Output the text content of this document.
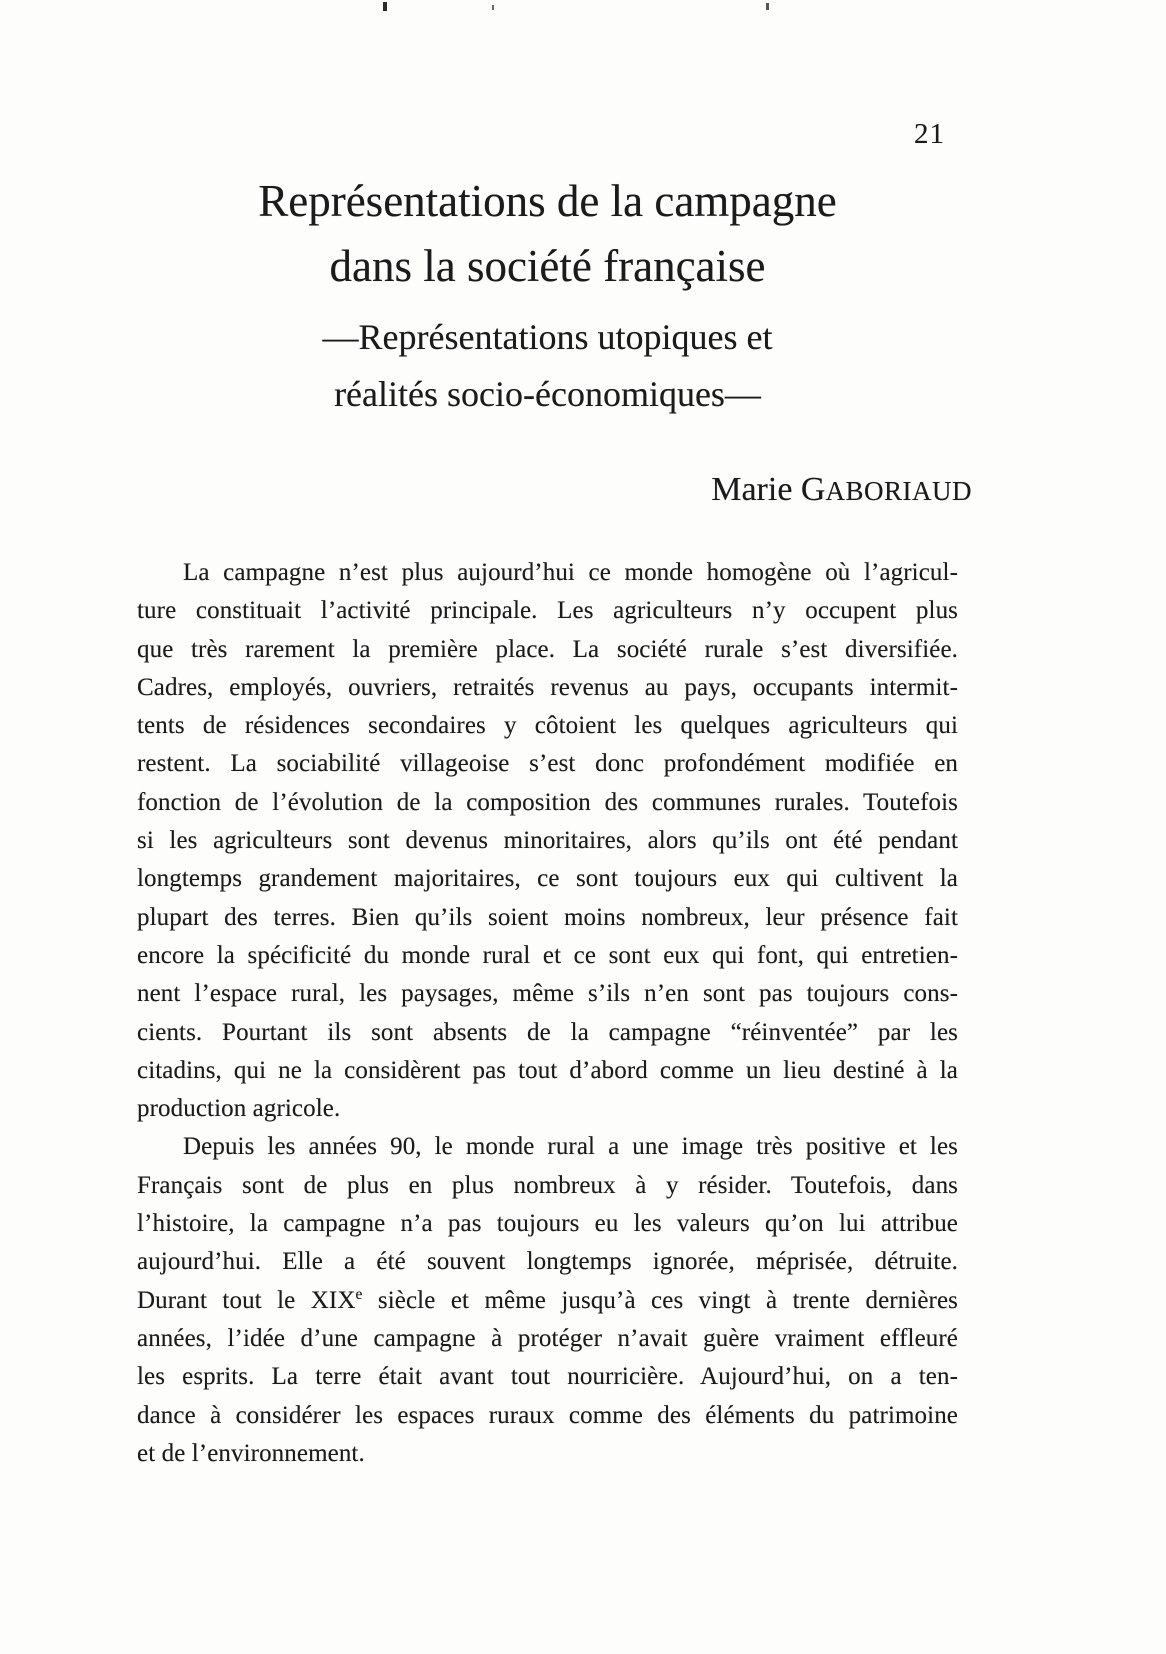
21
Représentations de la campagne
dans la société française
—Représentations utopiques et
réalités socio-économiques—
Marie GABORIAUD
La campagne n’est plus aujourd’hui ce monde homogène où l’agricul-
ture constituait l’activité principale. Les agriculteurs n’y occupent plus
que très rarement la première place. La société rurale s’est diversifiée.
Cadres, employés, ouvriers, retraités revenus au pays, occupants intermit-
tents de résidences secondaires y côtoient les quelques agriculteurs qui
restent. La sociabilité villageoise s’est donc profondément modifiée en
fonction de l’évolution de la composition des communes rurales. Toutefois
si les agriculteurs sont devenus minoritaires, alors qu’ils ont été pendant
longtemps grandement majoritaires, ce sont toujours eux qui cultivent la
plupart des terres. Bien qu’ils soient moins nombreux, leur présence fait
encore la spécificité du monde rural et ce sont eux qui font, qui entretien-
nent l’espace rural, les paysages, même s’ils n’en sont pas toujours cons-
cients. Pourtant ils sont absents de la campagne “réinventée” par les
citadins, qui ne la considèrent pas tout d’abord comme un lieu destiné à la
production agricole.
Depuis les années 90, le monde rural a une image très positive et les
Français sont de plus en plus nombreux à y résider. Toutefois, dans
l’histoire, la campagne n’a pas toujours eu les valeurs qu’on lui attribue
aujourd’hui. Elle a été souvent longtemps ignorée, méprisée, détruite.
Durant tout le XIXe siècle et même jusqu’à ces vingt à trente dernières
années, l’idée d’une campagne à protéger n’avait guère vraiment effleuré
les esprits. La terre était avant tout nourricière. Aujourd’hui, on a ten-
dance à considérer les espaces ruraux comme des éléments du patrimoine
et de l’environnement.
